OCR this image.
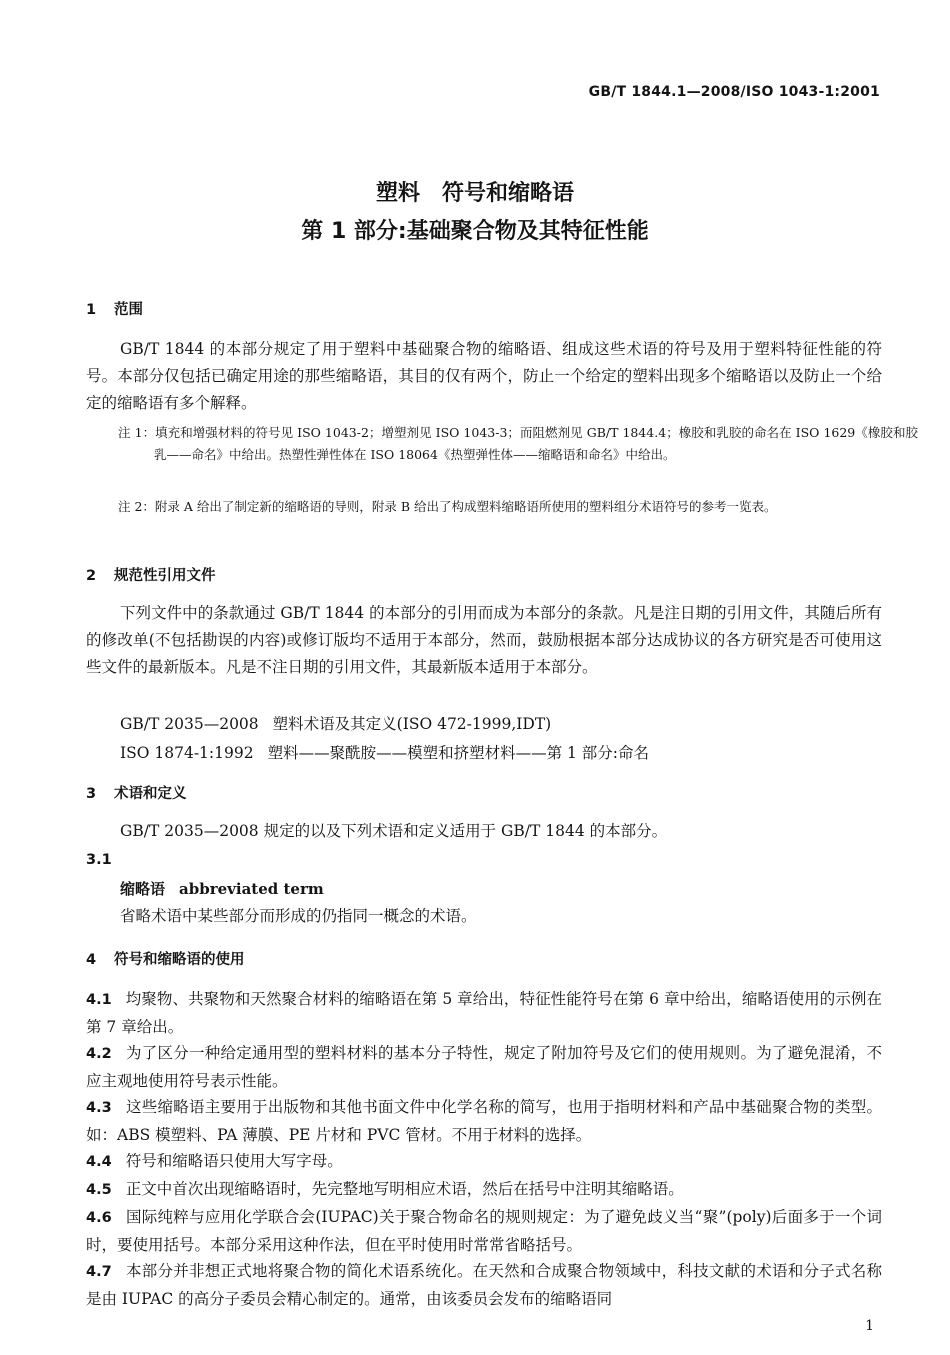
GB/T 1844.1—2008/ISO 1043-1:2001
塑料　符号和缩略语
第 1 部分:基础聚合物及其特征性能
1 范围

GB/T 1844 的本部分规定了用于塑料中基础聚合物的缩略语、组成这些术语的符号及用于塑料特征性能的符号。本部分仅包括已确定用途的那些缩略语，其目的仅有两个，防止一个给定的塑料出现多个缩略语以及防止一个给定的缩略语有多个解释。

注 1：填充和增强材料的符号见 ISO 1043-2；增塑剂见 ISO 1043-3；而阻燃剂见 GB/T 1844.4；橡胶和乳胶的命名在 ISO 1629《橡胶和胶乳——命名》中给出。热塑性弹性体在 ISO 18064《热塑弹性体——缩略语和命名》中给出。

注 2：附录 A 给出了制定新的缩略语的导则，附录 B 给出了构成塑料缩略语所使用的塑料组分术语符号的参考一览表。

2 规范性引用文件

下列文件中的条款通过 GB/T 1844 的本部分的引用而成为本部分的条款。凡是注日期的引用文件，其随后所有的修改单(不包括勘误的内容)或修订版均不适用于本部分，然而，鼓励根据本部分达成协议的各方研究是否可使用这些文件的最新版本。凡是不注日期的引用文件，其最新版本适用于本部分。

GB/T 2035—2008 塑料术语及其定义(ISO 472-1999,IDT)
ISO 1874-1:1992 塑料——聚酰胺——模塑和挤塑材料——第 1 部分:命名
3 术语和定义

GB/T 2035—2008 规定的以及下列术语和定义适用于 GB/T 1844 的本部分。

3.1
缩略语 abbreviated term
省略术语中某些部分而形成的仍指同一概念的术语。
4 符号和缩略语的使用

4.1 均聚物、共聚物和天然聚合材料的缩略语在第 5 章给出，特征性能符号在第 6 章中给出，缩略语使用的示例在第 7 章给出。

4.2 为了区分一种给定通用型的塑料材料的基本分子特性，规定了附加符号及它们的使用规则。为了避免混淆，不应主观地使用符号表示性能。

4.3 这些缩略语主要用于出版物和其他书面文件中化学名称的简写，也用于指明材料和产品中基础聚合物的类型。如：ABS 模塑料、PA 薄膜、PE 片材和 PVC 管材。不用于材料的选择。

4.4 符号和缩略语只使用大写字母。

4.5 正文中首次出现缩略语时，先完整地写明相应术语，然后在括号中注明其缩略语。

4.6 国际纯粹与应用化学联合会(IUPAC)关于聚合物命名的规则规定：为了避免歧义当“聚”(poly)后面多于一个词时，要使用括号。本部分采用这种作法，但在平时使用时常常省略括号。

4.7 本部分并非想正式地将聚合物的简化术语系统化。在天然和合成聚合物领域中，科技文献的术语和分子式名称是由 IUPAC 的高分子委员会精心制定的。通常，由该委员会发布的缩略语同

1
